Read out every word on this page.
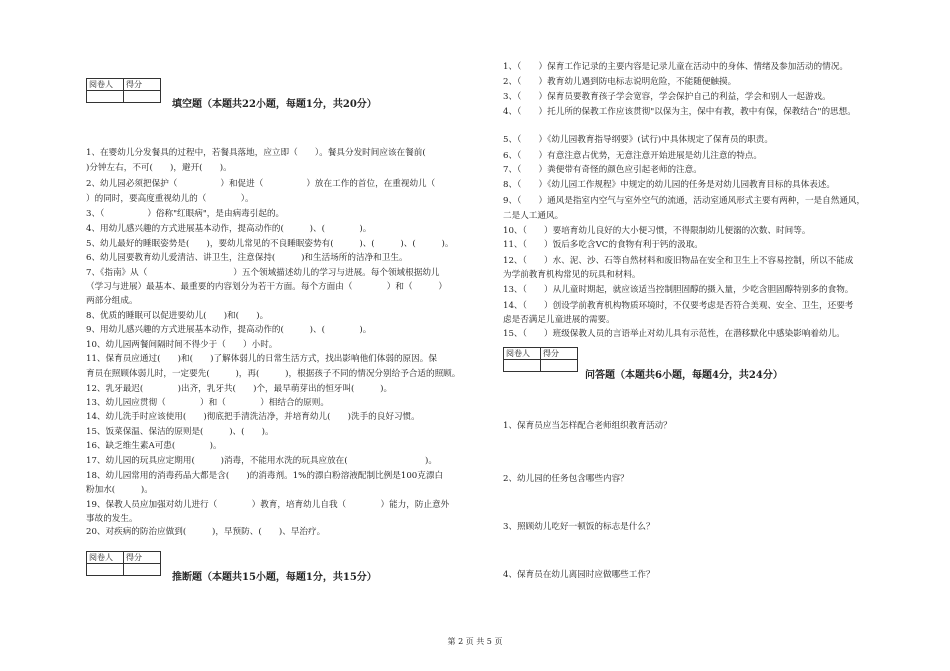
阅卷人	得分

填空题（本题共22小题，每题1分，共20分）
1、在婴幼儿分发餐具的过程中，若餐具落地，应立即（　　）。餐具分发时间应该在餐前(
)分钟左右，不可(　　)，避开(　　)。
2、幼儿园必须把保护（　　　　　）和促进（　　　　　）放在工作的首位，在重视幼儿（
）的同时，要高度重视幼儿的（　　　　）。
3、（　　　　　）俗称"红眼病"，是由病毒引起的。
4、用幼儿感兴趣的方式进展基本动作，提高动作的(　　　)、(　　　　)。
5、幼儿最好的睡眠姿势是(　　)，要幼儿常见的不良睡眠姿势有(　　　)、(　　　)、(　　　)。
6、幼儿园要教育幼儿爱清洁、讲卫生，注意保持(　　　)和生活场所的洁净和卫生。
7、《指南》从（　　　　　　　　　　）五个领域描述幼儿的学习与进展。每个领域根据幼儿
（学习与进展）最基本、最重要的内容划分为若干方面。每个方面由（　　　　）和（　　　）
两部分组成。
8、优质的睡眠可以促进要幼儿(　　)和(　　)。
9、用幼儿感兴趣的方式进展基本动作，提高动作的(　　　)、(　　　　)。
10、幼儿园两餐间隔时间不得少于（　　）小时。
11、保育员应通过(　　)和(　　)了解体弱儿的日常生活方式，找出影响他们体弱的原因。保
育员在照顾体弱儿时，一定要先(　　　)，再(　　　)，根据孩子不同的情况分别给予合适的照顾。
12、乳牙最迟(　　　　)出齐，乳牙共(　　)个，最早萌芽出的恒牙叫(　　　)。
13、幼儿园应贯彻（　　　　）和（　　　　）相结合的原则。
14、幼儿洗手时应该使用(　　)彻底把手清洗洁净，并培育幼儿(　　)洗手的良好习惯。
15、饭菜保温、保洁的原则是(　　　)、(　　)。
16、缺乏维生素A可患(　　　　)。
17、幼儿园的玩具应定期用(　　　)消毒，不能用水洗的玩具应放在(　　　　　　　　　)。
18、幼儿园常用的消毒药品大都是含(　　)的消毒剂。1%的漂白粉溶液配制比例是100克漂白
粉加水(　　　)。
19、保教人员应加强对幼儿进行（　　　　）教育，培育幼儿自我（　　　　）能力，防止意外
事故的发生。
20、对疾病的防治应做到(　　　)，早预防、(　　)、早治疗。
阅卷人	得分

推断题（本题共15小题，每题1分，共15分）
1、（　　）保育工作记录的主要内容是记录儿童在活动中的身体、情绪及参加活动的情况。
2、（　　）教育幼儿遇到防电标志说明危险，不能随便触摸。
3、（　　）保育员要教育孩子学会宽容，学会保护自己的利益，学会和别人一起游戏。
4、（　　）托儿所的保教工作应该贯彻"以保为主，保中有教，教中有保，保教结合"的思想。
5、（　　）《幼儿园教育指导纲要》(试行)中具体规定了保育员的职责。
6、（　　）有意注意占优势，无意注意开始进展是幼儿注意的特点。
7、（　　）粪便带有奇怪的颜色应引起老师的注意。
8、（　　）《幼儿园工作规程》中规定的幼儿园的任务是对幼儿园教育目标的具体表述。
9、（　　）通风是指室内空气与室外空气的流通，活动室通风形式主要有两种，一是自然通风，
二是人工通风。
10、（　　）要培育幼儿良好的大小便习惯，不得限制幼儿便溺的次数、时间等。
11、（　　）饭后多吃含VC的食物有利于钙的汲取。
12、（　　）水、泥、沙、石等自然材料和废旧物品在安全和卫生上不容易控制，所以不能成
为学前教育机构常见的玩具和材料。
13、（　　）从儿童时期起，就应该适当控制胆固醇的摄入量，少吃含胆固醇特别多的食物。
14、（　　）创设学前教育机构物质环境时，不仅要考虑是否符合美观、安全、卫生，还要考
虑是否满足儿童进展的需要。
15、（　　）班级保教人员的言语举止对幼儿具有示范性，在潜移默化中感染影响着幼儿。
阅卷人	得分

问答题（本题共6小题，每题4分，共24分）
1、保育员应当怎样配合老师组织教育活动？
2、幼儿园的任务包含哪些内容？
3、照顾幼儿吃好一顿饭的标志是什么？
4、保育员在幼儿离园时应做哪些工作？
第 2 页 共 5 页
